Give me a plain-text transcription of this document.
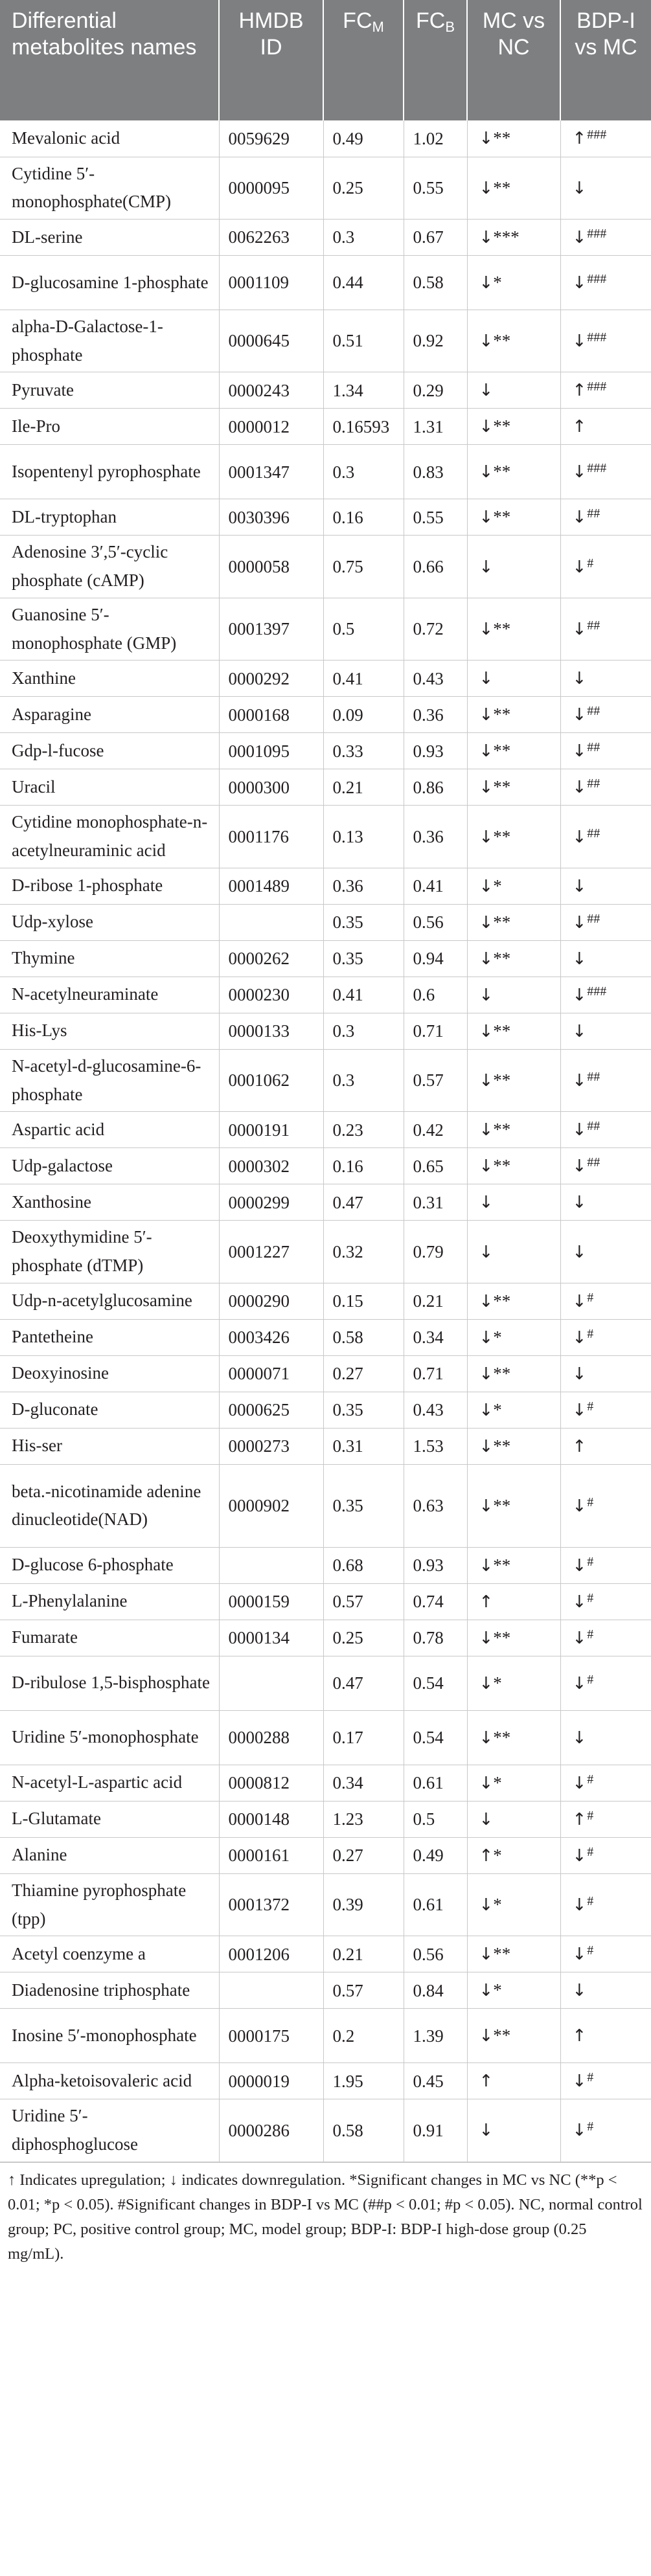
Differential metabolites names	HMDB ID	$FC_M$	$FC_B$	MC vs NC	BDP-I vs MC
Mevalonic acid	0059629	0.49	1.02	↓**	↑###
Cytidine 5′-monophosphate(CMP)	0000095	0.25	0.55	↓**	↓
DL-serine	0062263	0.3	0.67	↓***	↓###
D-glucosamine 1-phosphate	0001109	0.44	0.58	↓*	↓###
alpha-D-Galactose-1-phosphate	0000645	0.51	0.92	↓**	↓###
Pyruvate	0000243	1.34	0.29	↓	↑###
Ile-Pro	0000012	0.16593	1.31	↓**	↑
Isopentenyl pyrophosphate	0001347	0.3	0.83	↓**	↓###
DL-tryptophan	0030396	0.16	0.55	↓**	↓##
Adenosine 3′,5′-cyclic phosphate (cAMP)	0000058	0.75	0.66	↓	↓#
Guanosine 5′-monophosphate (GMP)	0001397	0.5	0.72	↓**	↓##
Xanthine	0000292	0.41	0.43	↓	↓
Asparagine	0000168	0.09	0.36	↓**	↓##
Gdp-l-fucose	0001095	0.33	0.93	↓**	↓##
Uracil	0000300	0.21	0.86	↓**	↓##
Cytidine monophosphate-n-acetylneuraminic acid	0001176	0.13	0.36	↓**	↓##
D-ribose 1-phosphate	0001489	0.36	0.41	↓*	↓
Udp-xylose		0.35	0.56	↓**	↓##
Thymine	0000262	0.35	0.94	↓**	↓
N-acetylneuraminate	0000230	0.41	0.6	↓	↓###
His-Lys	0000133	0.3	0.71	↓**	↓
N-acetyl-d-glucosamine-6-phosphate	0001062	0.3	0.57	↓**	↓##
Aspartic acid	0000191	0.23	0.42	↓**	↓##
Udp-galactose	0000302	0.16	0.65	↓**	↓##
Xanthosine	0000299	0.47	0.31	↓	↓
Deoxythymidine 5′-phosphate (dTMP)	0001227	0.32	0.79	↓	↓
Udp-n-acetylglucosamine	0000290	0.15	0.21	↓**	↓#
Pantetheine	0003426	0.58	0.34	↓*	↓#
Deoxyinosine	0000071	0.27	0.71	↓**	↓
D-gluconate	0000625	0.35	0.43	↓*	↓#
His-ser	0000273	0.31	1.53	↓**	↑
beta.-nicotinamide adenine dinucleotide(NAD)	0000902	0.35	0.63	↓**	↓#
D-glucose 6-phosphate		0.68	0.93	↓**	↓#
L-Phenylalanine	0000159	0.57	0.74	↑	↓#
Fumarate	0000134	0.25	0.78	↓**	↓#
D-ribulose 1,5-bisphosphate		0.47	0.54	↓*	↓#
Uridine 5′-monophosphate	0000288	0.17	0.54	↓**	↓
N-acetyl-L-aspartic acid	0000812	0.34	0.61	↓*	↓#
L-Glutamate	0000148	1.23	0.5	↓	↑#
Alanine	0000161	0.27	0.49	↑*	↓#
Thiamine pyrophosphate (tpp)	0001372	0.39	0.61	↓*	↓#
Acetyl coenzyme a	0001206	0.21	0.56	↓**	↓#
Diadenosine triphosphate		0.57	0.84	↓*	↓
Inosine 5′-monophosphate	0000175	0.2	1.39	↓**	↑
Alpha-ketoisovaleric acid	0000019	1.95	0.45	↑	↓#
Uridine 5′-diphosphoglucose	0000286	0.58	0.91	↓	↓#
↑ Indicates upregulation; ↓ indicates downregulation. *Significant changes in MC vs NC (**p < 0.01; *p < 0.05). #Significant changes in BDP-I vs MC (##p < 0.01; #p < 0.05). NC, normal control group; PC, positive control group; MC, model group; BDP-I: BDP-I high-dose group (0.25 mg/mL).
